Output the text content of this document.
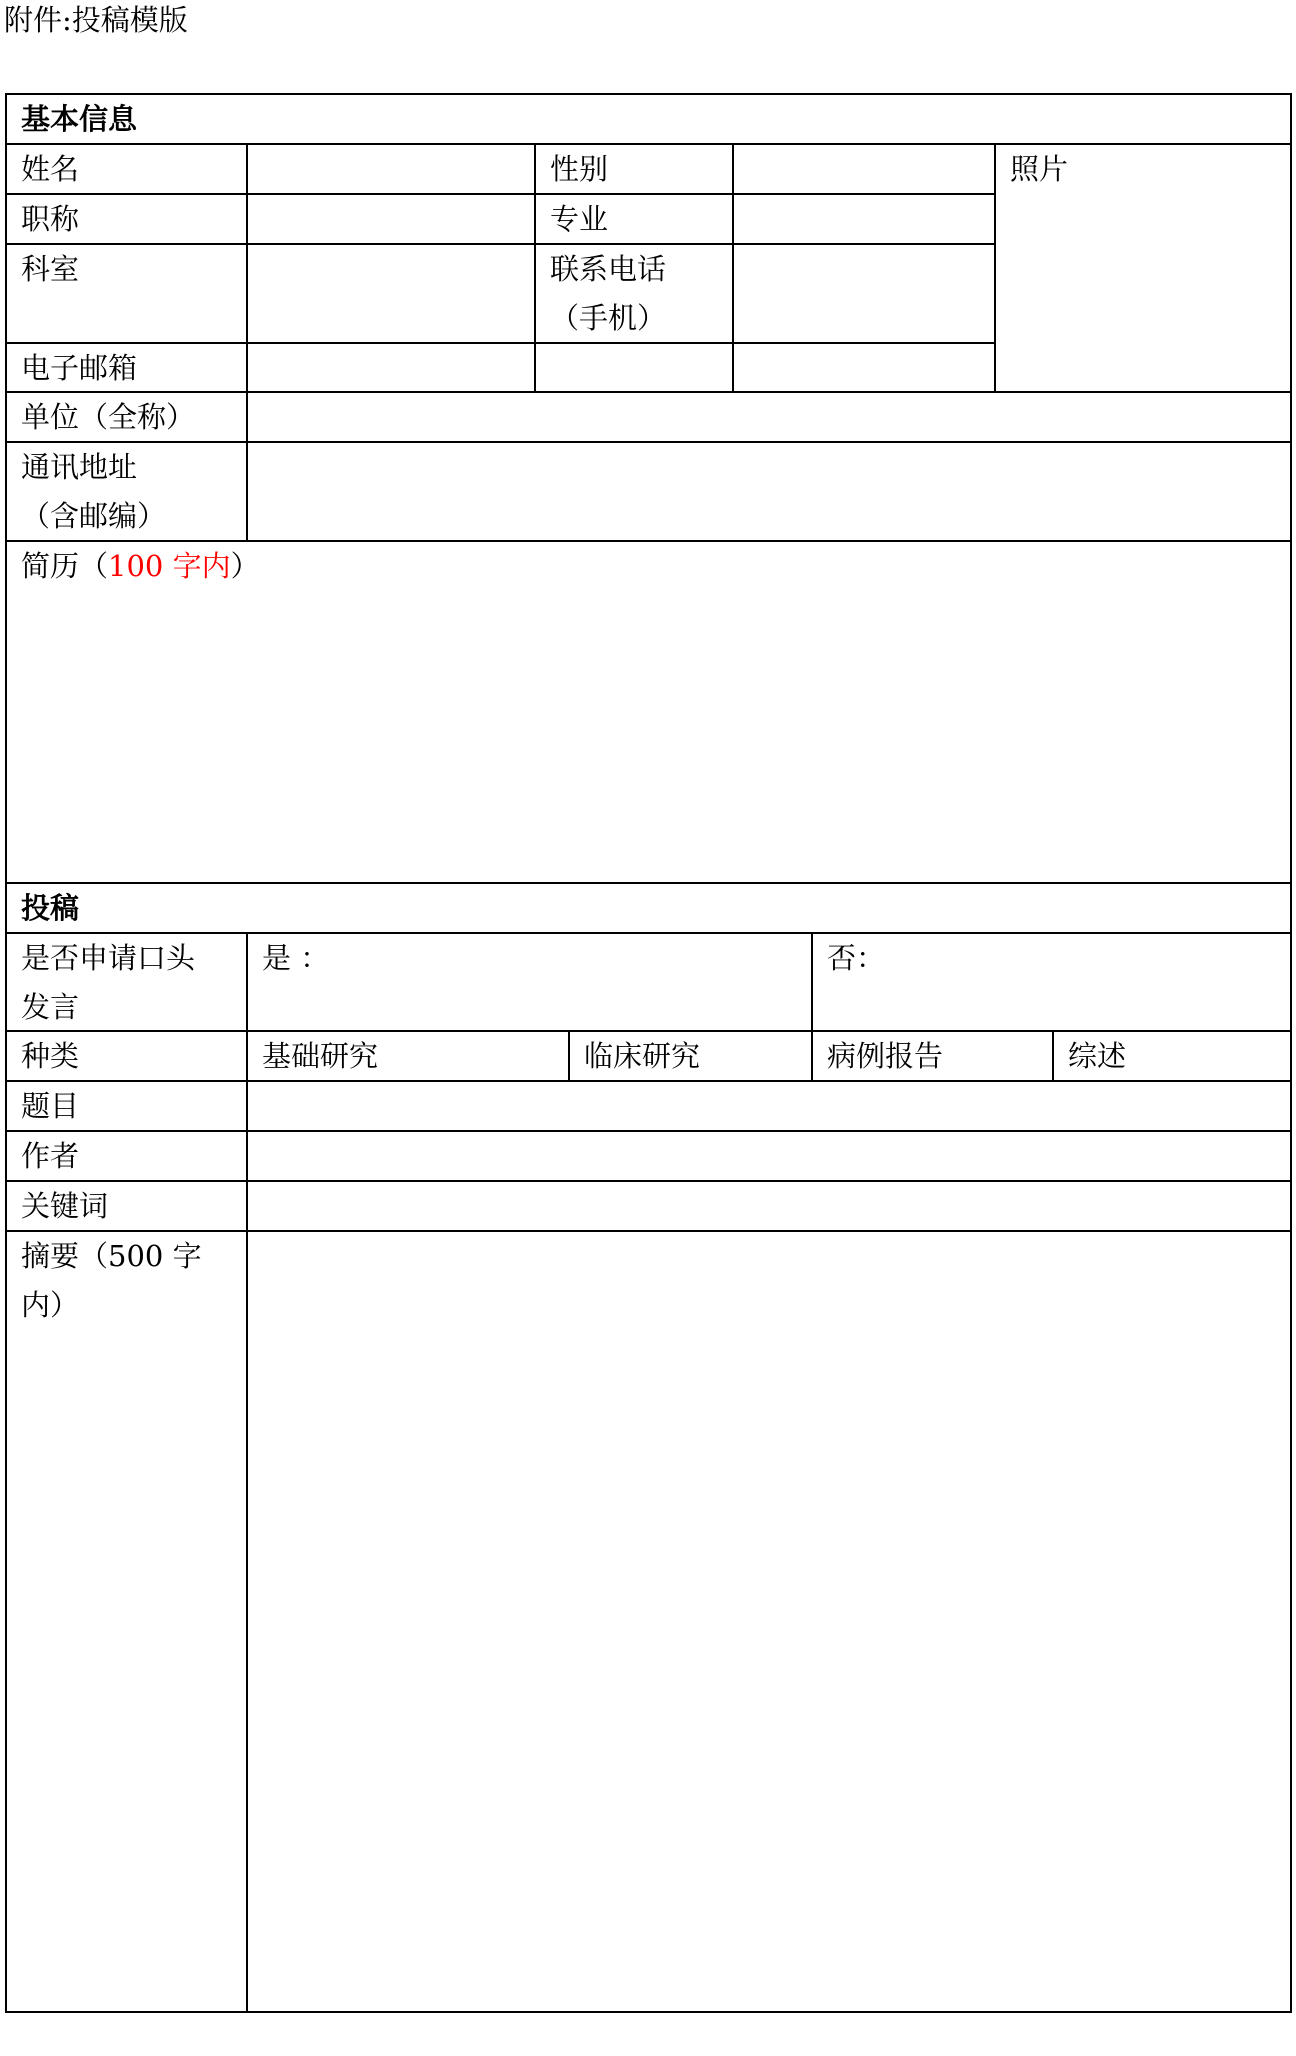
附件:投稿模版
基本信息
姓名	性别	照片
职称	专业
科室	联系电话
（手机）
电子邮箱
单位（全称）
通讯地址
（含邮编）
简历（100 字内）
投稿
是否申请口头
发言
是 ：	否：
种类	基础研究	临床研究	病例报告	综述
题目
作者
关键词
摘要（500 字
内）
